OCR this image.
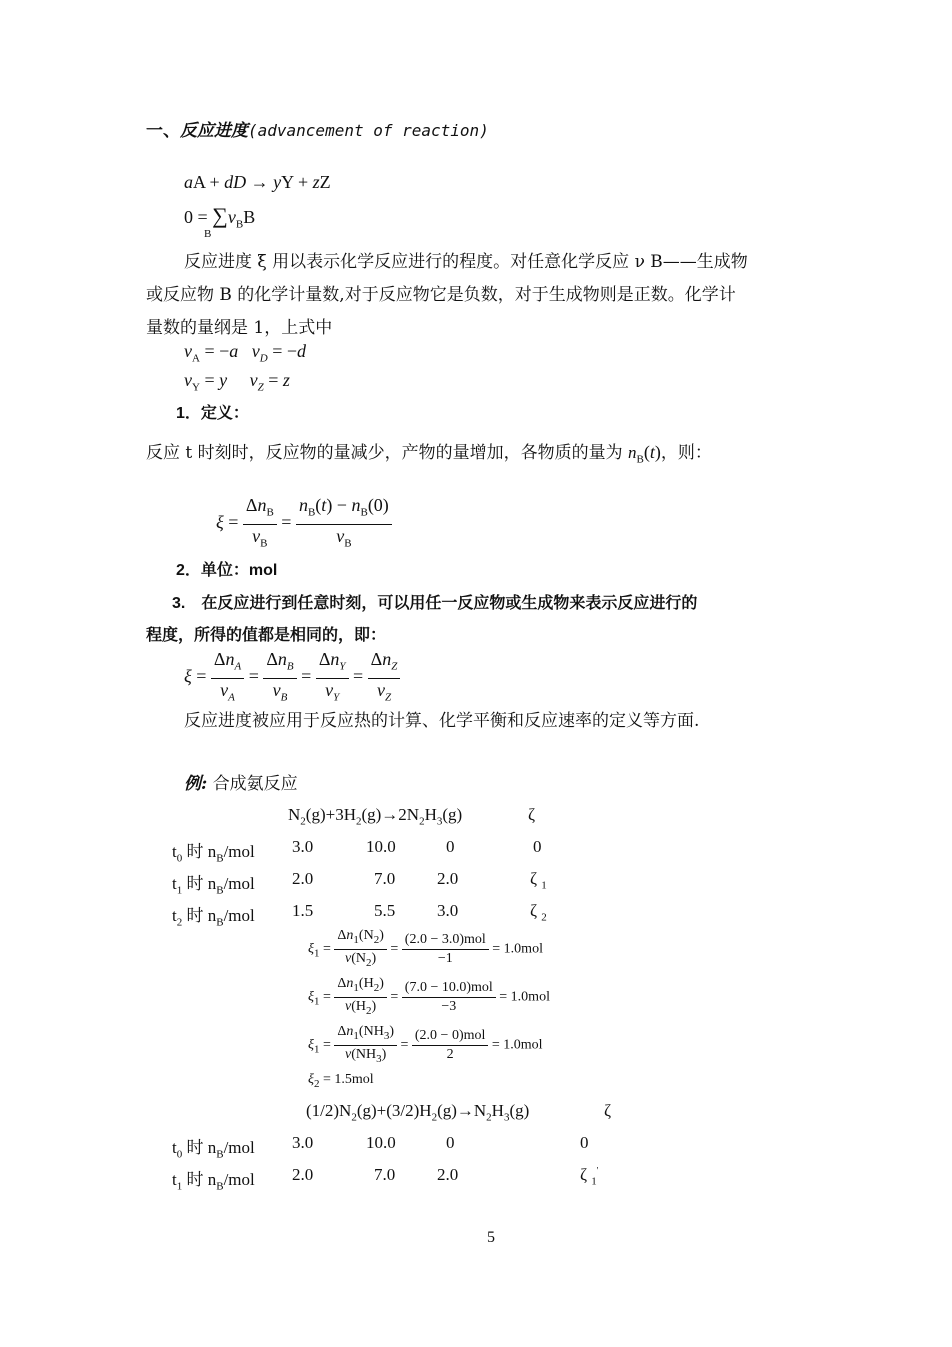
一、反应进度(advancement of reaction)
aA + dD → yY + zZ
$0 = \sum\nu_BB$
B
反应进度 ξ 用以表示化学反应进行的程度。对任意化学反应 ν B——生成物
或反应物 B 的化学计量数,对于反应物它是负数，对于生成物则是正数。化学计
量数的量纲是 1，上式中
$\nu_A = -a$ $\nu_D = -d$
$\nu_Y = y$ $\nu_Z = z$
1．定义：
反应 t 时刻时，反应物的量减少，产物的量增加，各物质的量为 $n_B(t)$，则：
$\xi = \frac{\Delta n_B}{\nu_B} = \frac{n_B(t) - n_B(0)}{\nu_B}$
2．单位：mol
3.　在反应进行到任意时刻，可以用任一反应物或生成物来表示反应进行的
程度，所得的值都是相同的，即：
$\xi = \frac{\Delta n_A}{\nu_A} = \frac{\Delta n_B}{\nu_B} = \frac{\Delta n_Y}{\nu_Y} = \frac{\Delta n_Z}{\nu_Z}$
反应进度被应用于反应热的计算、化学平衡和反应速率的定义等方面.
例: 合成氨反应
$N_2(g)+3H_2(g)\to 2N_2H_3(g)$	ζ
$t_0$ 时 $n_B$/mol 3.0	10.0	0	0
$t_1$ 时 $n_B$/mol 2.0	7.0 2.0	ζ $_1$
$t_2$ 时 $n_B$/mol 1.5	5.5 3.0	ζ $_2$
$\xi_1 = \frac{\Delta n_1(N_2)}{\nu(N_2)} = \frac{\text{(2.0 − 3.0)mol}}{-1} = 1.0mol$
$\xi_1 = \frac{\Delta n_1(H_2)}{\nu(H_2)} = \frac{\text{(7.0 − 10.0)mol}}{-3} = 1.0mol$
$\xi_1 = \frac{\Delta n_1(NH_3)}{\nu(NH_3)} = \frac{\text{(2.0 − 0)mol}}{2} = 1.0mol$
$\xi_2 = 1.5mol$
$(1/2)N_2(g)+(3/2)H_2(g)\to N_2H_3(g)$	ζ
$t_0$ 时 $n_B$/mol 3.0	10.0	0	0
$t_1$ 时 $n_B$/mol 2.0	7.0 2.0	ζ $_1$'
5
